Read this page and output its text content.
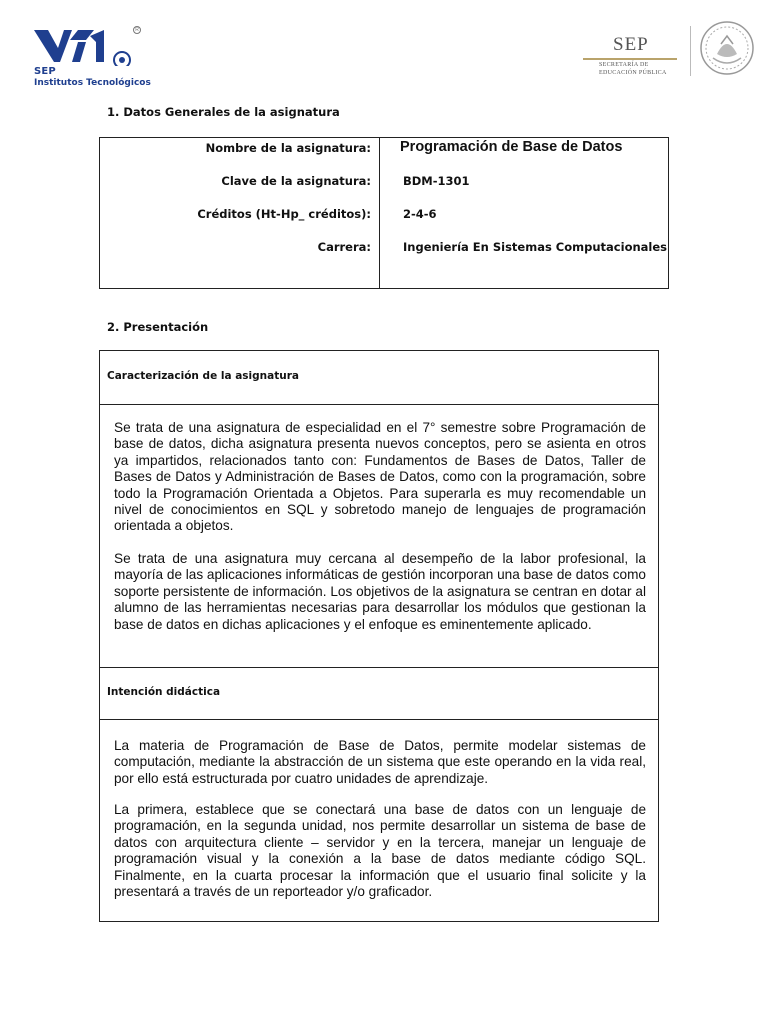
SEP
Institutos Tecnológicos
R
SEP
SECRETARÍA DE
EDUCACIÓN PÚBLICA
1. Datos Generales de la asignatura
Nombre de la asignatura: Programación de Base de Datos
Clave de la asignatura:	BDM-1301
Créditos (Ht-Hp_ créditos):	2-4-6
Carrera:	Ingeniería En Sistemas Computacionales
2. Presentación
Caracterización de la asignatura

Se trata de una asignatura de especialidad en el 7° semestre sobre Programación de base de datos, dicha asignatura presenta nuevos conceptos, pero se asienta en otros ya impartidos, relacionados tanto con: Fundamentos de Bases de Datos, Taller de Bases de Datos y Administración de Bases de Datos, como con la programación, sobre todo la Programación Orientada a Objetos. Para superarla es muy recomendable un nivel de conocimientos en SQL y sobretodo manejo de lenguajes de programación orientada a objetos.

Se trata de una asignatura muy cercana al desempeño de la labor profesional, la mayoría de las aplicaciones informáticas de gestión incorporan una base de datos como soporte persistente de información. Los objetivos de la asignatura se centran en dotar al alumno de las herramientas necesarias para desarrollar los módulos que gestionan la base de datos en dichas aplicaciones y el enfoque es eminentemente aplicado.

Intención didáctica

La materia de Programación de Base de Datos, permite modelar sistemas de computación, mediante la abstracción de un sistema que este operando en la vida real, por ello está estructurada por cuatro unidades de aprendizaje.

La primera, establece que se conectará una base de datos con un lenguaje de programación, en la segunda unidad, nos permite desarrollar un sistema de base de datos con arquitectura cliente – servidor y en la tercera, manejar un lenguaje de programación visual y la conexión a la base de datos mediante código SQL. Finalmente, en la cuarta procesar la información que el usuario final solicite y la presentará a través de un reporteador y/o graficador.
